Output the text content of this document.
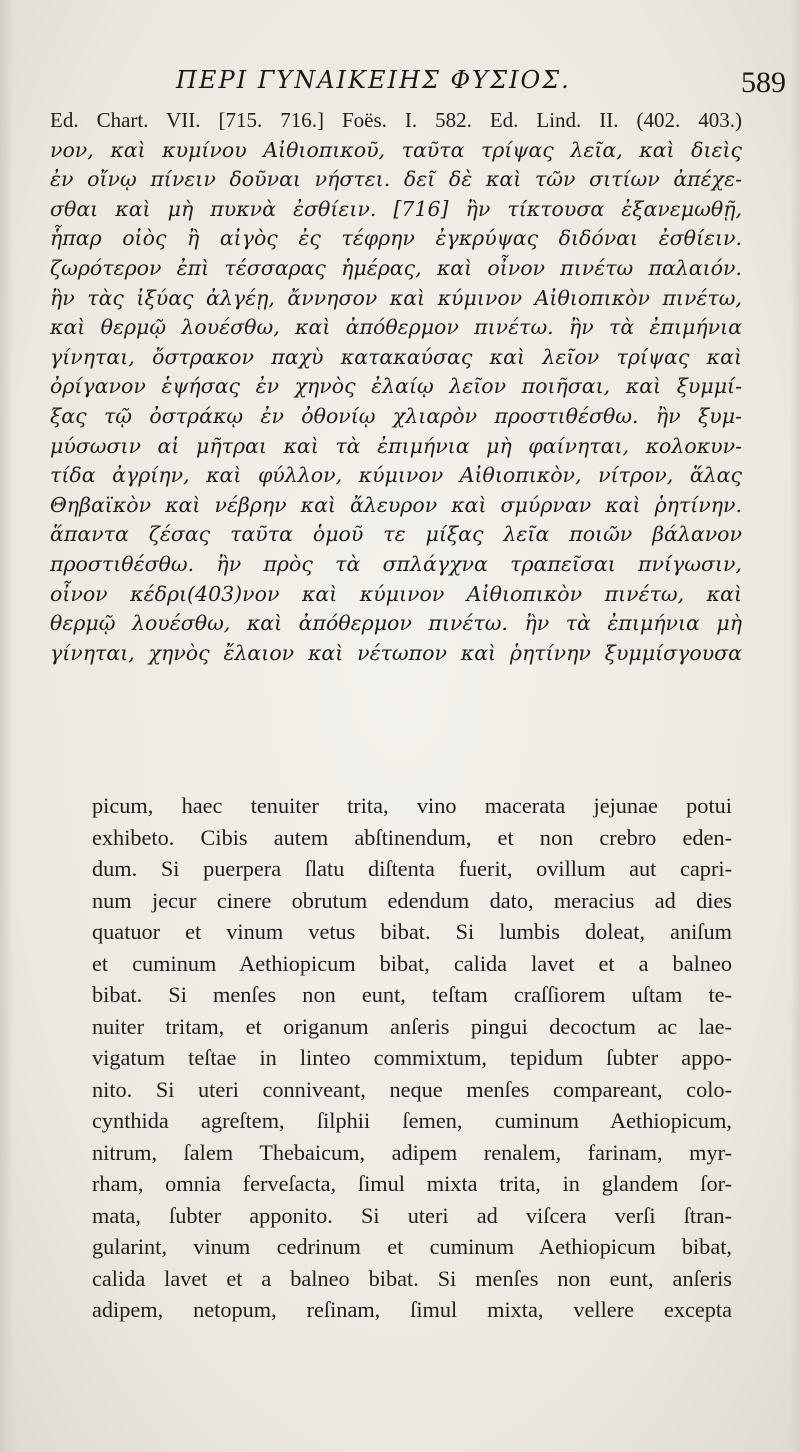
ΠΕΡΙ ΓΥΝΑΙΚΕΙΗΣ ΦΥΣΙΟΣ.	589
Ed. Chart. VII. [715. 716.] Foës. I. 582. Ed. Lind. II. (402. 403.)
νον, καὶ κυμίνου Αἰθιοπικοῦ, ταῦτα τρίψας λεῖα, καὶ διεὶς
ἐν οἴνῳ πίνειν δοῦναι νήστει. δεῖ δὲ καὶ τῶν σιτίων ἀπέχε-
σθαι καὶ μὴ πυκνὰ ἐσθίειν. [716] ἢν τίκτουσα ἐξανεμωθῇ,
ἧπαρ οἰὸς ἢ αἰγὸς ἐς τέφρην ἐγκρύψας διδόναι ἐσθίειν.
ζωρότερον ἐπὶ τέσσαρας ἡμέρας, καὶ οἶνον πινέτω παλαιόν.
ἢν τὰς ἰξύας ἀλγέῃ, ἄννησον καὶ κύμινον Αἰθιοπικὸν πινέτω,
καὶ θερμῷ λουέσθω, καὶ ἀπόθερμον πινέτω. ἢν τὰ ἐπιμήνια
γίνηται, ὄστρακον παχὺ κατακαύσας καὶ λεῖον τρίψας καὶ
ὀρίγανον ἑψήσας ἐν χηνὸς ἐλαίῳ λεῖον ποιῆσαι, καὶ ξυμμί-
ξας τῷ ὀστράκῳ ἐν ὀθονίῳ χλιαρὸν προστιθέσθω. ἢν ξυμ-
μύσωσιν αἱ μῆτραι καὶ τὰ ἐπιμήνια μὴ φαίνηται, κολοκυν-
τίδα ἀγρίην, καὶ φύλλον, κύμινον Αἰθιοπικὸν, νίτρον, ἅλας
Θηβαϊκὸν καὶ νέβρην καὶ ἄλευρον καὶ σμύρναν καὶ ῥητίνην.
ἅπαντα ζέσας ταῦτα ὁμοῦ τε μίξας λεῖα ποιῶν βάλανον
προστιθέσθω. ἢν πρὸς τὰ σπλάγχνα τραπεῖσαι πνίγωσιν,
οἶνον κέδρι(403)νον καὶ κύμινον Αἰθιοπικὸν πινέτω, καὶ
θερμῷ λουέσθω, καὶ ἀπόθερμον πινέτω. ἢν τὰ ἐπιμήνια μὴ
γίνηται, χηνὸς ἔλαιον καὶ νέτωπον καὶ ῥητίνην ξυμμίσγουσα
picum, haec tenuiter trita, vino macerata jejunae potui
exhibeto. Cibis autem abſtinendum, et non crebro eden-
dum. Si puerpera ſlatu diſtenta fuerit, ovillum aut capri-
num jecur cinere obrutum edendum dato, meracius ad dies
quatuor et vinum vetus bibat. Si lumbis doleat, aniſum
et cuminum Aethiopicum bibat, calida lavet et a balneo
bibat. Si menſes non eunt, teſtam craſſiorem uſtam te-
nuiter tritam, et origanum anſeris pingui decoctum ac lae-
vigatum teſtae in linteo commixtum, tepidum ſubter appo-
nito. Si uteri conniveant, neque menſes compareant, colo-
cynthida agreſtem, ſilphii ſemen, cuminum Aethiopicum,
nitrum, ſalem Thebaicum, adipem renalem, farinam, myr-
rham, omnia ferveſacta, ſimul mixta trita, in glandem ſor-
mata, ſubter apponito. Si uteri ad viſcera verſi ſtran-
gularint, vinum cedrinum et cuminum Aethiopicum bibat,
calida lavet et a balneo bibat. Si menſes non eunt, anſeris
adipem, netopum, reſinam, ſimul mixta, vellere excepta
